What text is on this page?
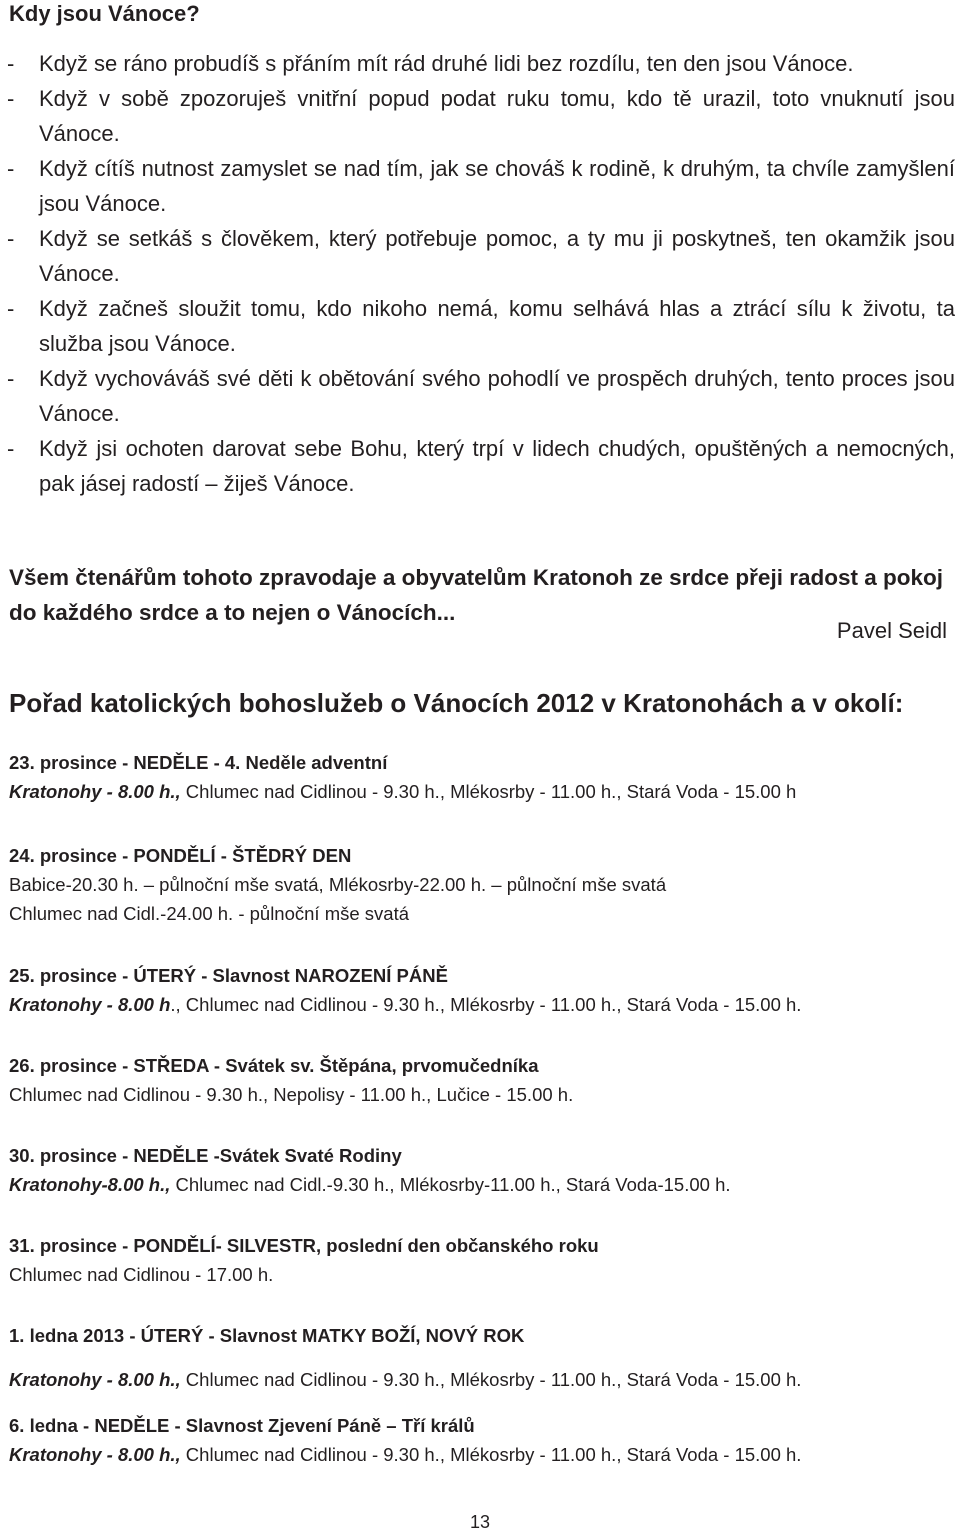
Kdy jsou Vánoce?
- Když se ráno probudíš s přáním mít rád druhé lidi bez rozdílu, ten den jsou Vánoce.
- Když v sobě zpozoruješ vnitřní popud podat ruku tomu, kdo tě urazil, toto vnuknutí jsou Vánoce.
- Když cítíš nutnost zamyslet se nad tím, jak se chováš k rodině, k druhým, ta chvíle zamyšlení jsou Vánoce.
- Když se setkáš s člověkem, který potřebuje pomoc, a ty mu ji poskytneš, ten okamžik jsou Vánoce.
- Když začneš sloužit tomu, kdo nikoho nemá, komu selhává hlas a ztrácí sílu k životu, ta služba jsou Vánoce.
- Když vychováváš své děti k obětování svého pohodlí ve prospěch druhých, tento proces jsou Vánoce.
- Když jsi ochoten darovat sebe Bohu, který trpí v lidech chudých, opuštěných a nemocných, pak jásej radostí – žiješ Vánoce.
Všem čtenářům tohoto zpravodaje a obyvatelům Kratonoh ze srdce přeji radost a pokoj do každého srdce a to nejen o Vánocích...
Pavel Seidl
Pořad katolických bohoslužeb o Vánocích 2012 v Kratonohách a v okolí:
23. prosince - NEDĚLE - 4. Neděle adventní
Kratonohy - 8.00 h., Chlumec nad Cidlinou - 9.30 h., Mlékosrby - 11.00 h., Stará Voda - 15.00 h
24. prosince - PONDĚLÍ - ŠTĚDRÝ DEN
Babice-20.30 h. – půlnoční mše svatá, Mlékosrby-22.00 h. – půlnoční mše svatá
Chlumec nad Cidl.-24.00 h. - půlnoční mše svatá
25. prosince - ÚTERÝ - Slavnost NAROZENÍ PÁNĚ
Kratonohy - 8.00 h., Chlumec nad Cidlinou - 9.30 h., Mlékosrby - 11.00 h., Stará Voda - 15.00 h.
26. prosince - STŘEDA - Svátek sv. Štěpána, prvomučedníka
Chlumec nad Cidlinou - 9.30 h., Nepolisy - 11.00 h., Lučice - 15.00 h.
30. prosince - NEDĚLE -Svátek Svaté Rodiny
Kratonohy-8.00 h., Chlumec nad Cidl.-9.30 h., Mlékosrby-11.00 h., Stará Voda-15.00 h.
31. prosince - PONDĚLÍ- SILVESTR, poslední den občanského roku
Chlumec nad Cidlinou - 17.00 h.
1. ledna 2013 - ÚTERÝ - Slavnost MATKY BOŽÍ, NOVÝ ROK
Kratonohy - 8.00 h., Chlumec nad Cidlinou - 9.30 h., Mlékosrby - 11.00 h., Stará Voda - 15.00 h.
6. ledna - NEDĚLE - Slavnost Zjevení Páně – Tří králů
Kratonohy - 8.00 h., Chlumec nad Cidlinou - 9.30 h., Mlékosrby - 11.00 h., Stará Voda - 15.00 h.
13
